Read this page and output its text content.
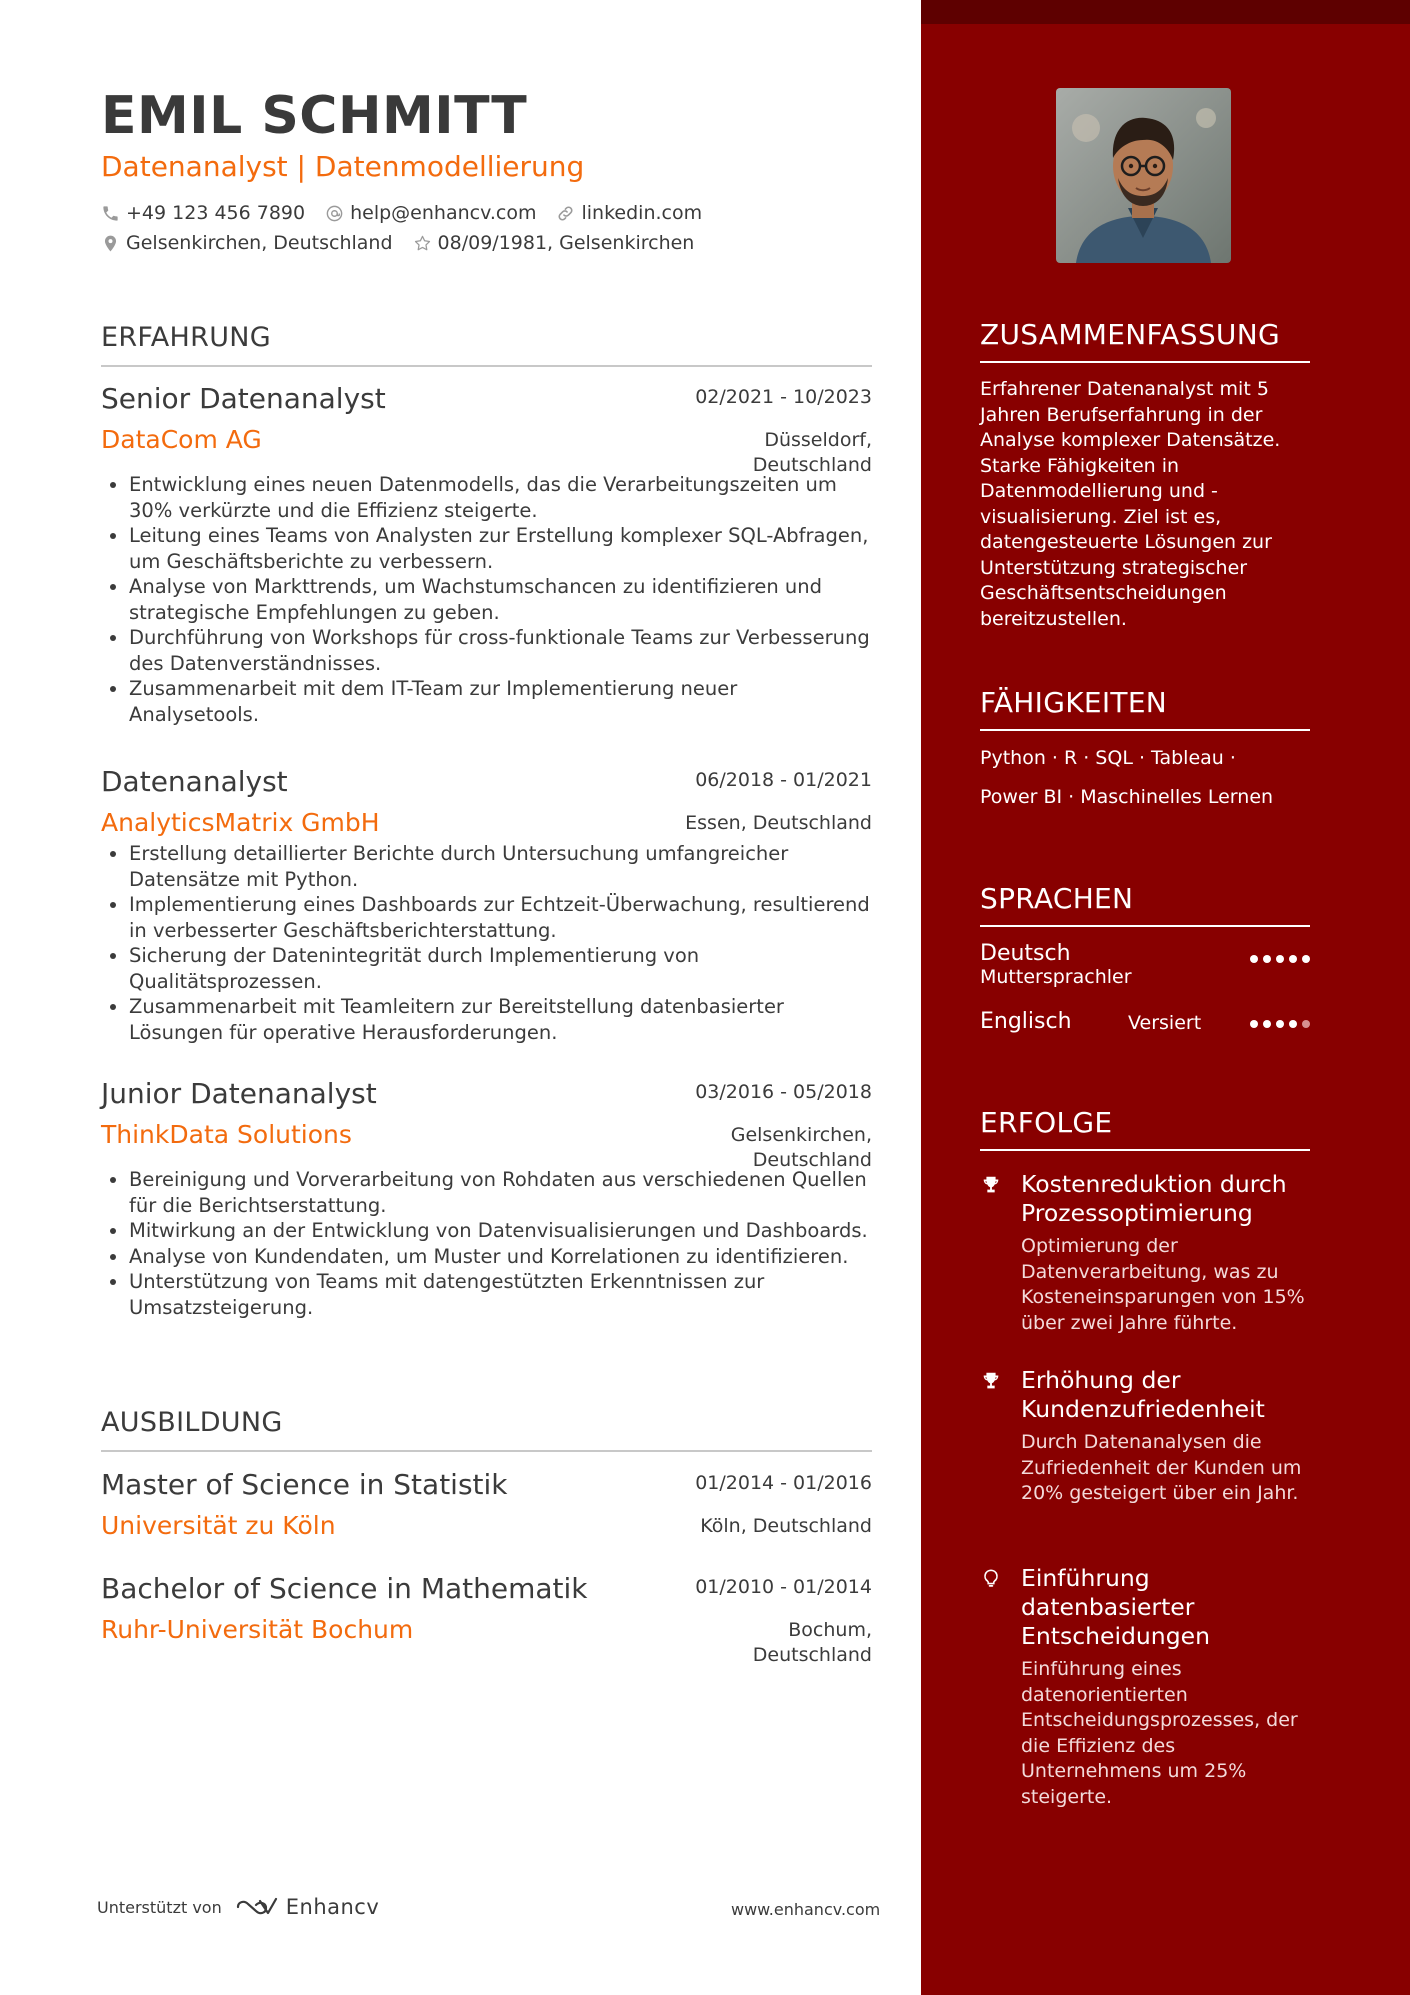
EMIL SCHMITT
Datenanalyst | Datenmodellierung
+49 123 456 7890 help@enhancv.com linkedin.com
Gelsenkirchen, Deutschland 08/09/1981, Gelsenkirchen
ERFAHRUNG
Senior Datenanalyst	02/2021 - 10/2023
DataCom AG	Düsseldorf, Deutschland
• Entwicklung eines neuen Datenmodells, das die Verarbeitungszeiten um 30% verkürzte und die Effizienz steigerte.
• Leitung eines Teams von Analysten zur Erstellung komplexer SQL-Abfragen, um Geschäftsberichte zu verbessern.
• Analyse von Markttrends, um Wachstumschancen zu identifizieren und strategische Empfehlungen zu geben.
• Durchführung von Workshops für cross-funktionale Teams zur Verbesserung des Datenverständnisses.
• Zusammenarbeit mit dem IT-Team zur Implementierung neuer Analysetools.
Datenanalyst	06/2018 - 01/2021
AnalyticsMatrix GmbH	Essen, Deutschland
• Erstellung detaillierter Berichte durch Untersuchung umfangreicher Datensätze mit Python.
• Implementierung eines Dashboards zur Echtzeit-Überwachung, resultierend in verbesserter Geschäftsberichterstattung.
• Sicherung der Datenintegrität durch Implementierung von Qualitätsprozessen.
• Zusammenarbeit mit Teamleitern zur Bereitstellung datenbasierter Lösungen für operative Herausforderungen.
Junior Datenanalyst	03/2016 - 05/2018
ThinkData Solutions	Gelsenkirchen, Deutschland
• Bereinigung und Vorverarbeitung von Rohdaten aus verschiedenen Quellen für die Berichtserstattung.
• Mitwirkung an der Entwicklung von Datenvisualisierungen und Dashboards.
• Analyse von Kundendaten, um Muster und Korrelationen zu identifizieren.
• Unterstützung von Teams mit datengestützten Erkenntnissen zur Umsatzsteigerung.
AUSBILDUNG
Master of Science in Statistik	01/2014 - 01/2016
Universität zu Köln	Köln, Deutschland
Bachelor of Science in Mathematik	01/2010 - 01/2014
Ruhr-Universität Bochum	Bochum, Deutschland
Unterstützt von	Enhancv	www.enhancv.com
ZUSAMMENFASSUNG
Erfahrener Datenanalyst mit 5 Jahren Berufserfahrung in der Analyse komplexer Datensätze. Starke Fähigkeiten in Datenmodellierung und -visualisierung. Ziel ist es, datengesteuerte Lösungen zur Unterstützung strategischer Geschäftsentscheidungen bereitzustellen.
FÄHIGKEITEN
Python · R · SQL · Tableau ·
Power BI · Maschinelles Lernen
SPRACHEN
Deutsch
Muttersprachler
Englisch	Versiert
ERFOLGE
Kostenreduktion durch Prozessoptimierung
Optimierung der Datenverarbeitung, was zu Kosteneinsparungen von 15% über zwei Jahre führte.
Erhöhung der Kundenzufriedenheit
Durch Datenanalysen die Zufriedenheit der Kunden um 20% gesteigert über ein Jahr.
Einführung datenbasierter Entscheidungen
Einführung eines datenorientierten Entscheidungsprozesses, der die Effizienz des Unternehmens um 25% steigerte.
